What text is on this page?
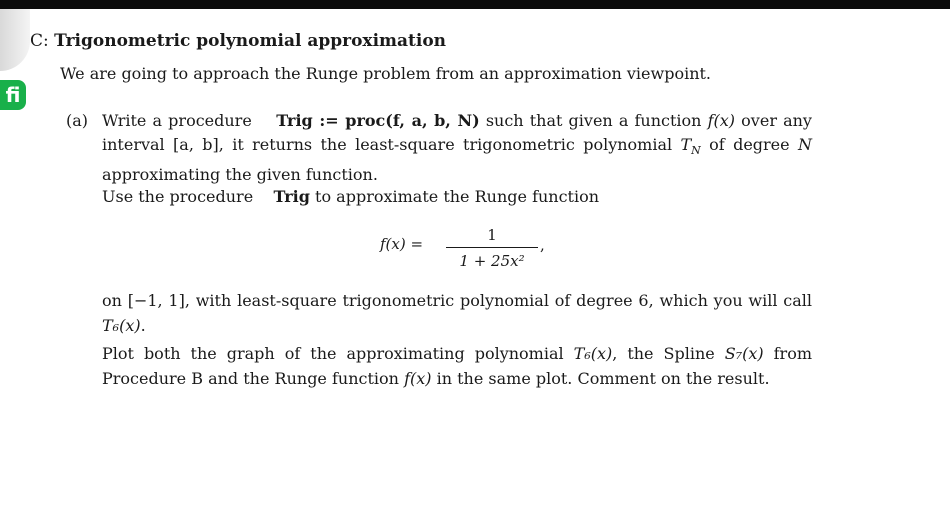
fi
C: Trigonometric polynomial approximation
We are going to approach the Runge problem from an approximation viewpoint.
(a) Write a procedure Trig := proc(f, a, b, N) such that given a function f(x) over any interval [a, b], it returns the least-square trigonometric polynomial $T_N$ of degree N approximating the given function.
Use the procedure Trig to approximate the Runge function
f(x) =	1
1 + 25x²
,
on [−1, 1], with least-square trigonometric polynomial of degree 6, which you will call T₆(x).
Plot both the graph of the approximating polynomial T₆(x), the Spline S₇(x) from Procedure B and the Runge function f(x) in the same plot. Comment on the result.
